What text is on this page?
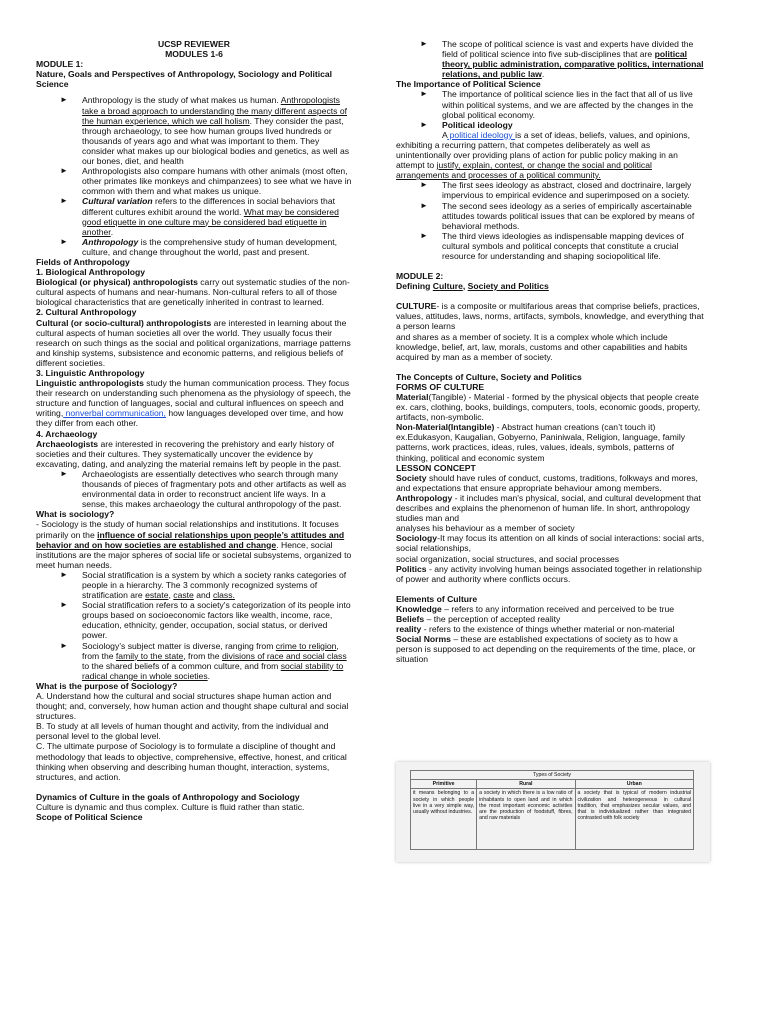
UCSP REVIEWER

MODULES 1-6

MODULE 1:

Nature, Goals and Perspectives of Anthropology, Sociology and Political Science

►	Anthropology is the study of what makes us human. Anthropologists take a broad approach to understanding the many different aspects of the human experience, which we call holism. They consider the past, through archaeology, to see how human groups lived hundreds or thousands of years ago and what was important to them. They consider what makes up our biological bodies and genetics, as well as our bones, diet, and health
►	Anthropologists also compare humans with other animals (most often, other primates like monkeys and chimpanzees) to see what we have in common with them and what makes us unique.
►	Cultural variation refers to the differences in social behaviors that different cultures exhibit around the world. What may be considered good etiquette in one culture may be considered bad etiquette in another.
►	Anthropology is the comprehensive study of human development, culture, and change throughout the world, past and present.

Fields of Anthropology

1. Biological Anthropology

Biological (or physical) anthropologists carry out systematic studies of the non-cultural aspects of humans and near-humans. Non-cultural refers to all of those biological characteristics that are genetically inherited in contrast to learned.

2. Cultural Anthropology

Cultural (or socio-cultural) anthropologists are interested in learning about the cultural aspects of human societies all over the world. They usually focus their research on such things as the social and political organizations, marriage patterns and kinship systems, subsistence and economic patterns, and religious beliefs of different societies.

3. Linguistic Anthropology

Linguistic anthropologists study the human communication process. They focus their research on understanding such phenomena as the physiology of speech, the structure and function of languages, social and cultural influences on speech and writing, nonverbal communication, how languages developed over time, and how they differ from each other.

4. Archaeology

Archaeologists are interested in recovering the prehistory and early history of societies and their cultures. They systematically uncover the evidence by excavating, dating, and analyzing the material remains left by people in the past.

►	Archaeologists are essentially detectives who search through many thousands of pieces of fragmentary pots and other artifacts as well as environmental data in order to reconstruct ancient life ways. In a sense, this makes archaeology the cultural anthropology of the past.

What is sociology?

- Sociology is the study of human social relationships and institutions. It focuses primarily on the influence of social relationships upon people’s attitudes and behavior and on how societies are established and change. Hence, social institutions are the major spheres of social life or societal subsystems, organized to meet human needs.

►	Social stratification is a system by which a society ranks categories of people in a hierarchy. The 3 commonly recognized systems of stratification are estate, caste and class.
►	Social stratification refers to a society's categorization of its people into groups based on socioeconomic factors like wealth, income, race, education, ethnicity, gender, occupation, social status, or derived power.
►	Sociology’s subject matter is diverse, ranging from crime to religion, from the family to the state, from the divisions of race and social class to the shared beliefs of a common culture, and from social stability to radical change in whole societies.

What is the purpose of Sociology?

A. Understand how the cultural and social structures shape human action and thought; and, conversely, how human action and thought shape cultural and social structures.

B. To study at all levels of human thought and activity, from the individual and personal level to the global level.

C. The ultimate purpose of Sociology is to formulate a discipline of thought and methodology that leads to objective, comprehensive, effective, honest, and critical thinking when observing and describing human thought, interaction, systems, structures, and action.

Dynamics of Culture in the goals of Anthropology and Sociology

Culture is dynamic and thus complex. Culture is fluid rather than static.

Scope of Political Science

►	The scope of political science is vast and experts have divided the field of political science into five sub-disciplines that are political theory, public administration, comparative politics, international relations, and public law.

The Importance of Political Science

►	The importance of political science lies in the fact that all of us live within political systems, and we are affected by the changes in the global political economy.
►	Political ideology

A political ideology is a set of ideas, beliefs, values, and opinions, exhibiting a recurring pattern, that competes deliberately as well as unintentionally over providing plans of action for public policy making in an attempt to justify, explain, contest, or change the social and political arrangements and processes of a political community.

►	The first sees ideology as abstract, closed and doctrinaire, largely impervious to empirical evidence and superimposed on a society.
►	The second sees ideology as a series of empirically ascertainable attitudes towards political issues that can be explored by means of behavioral methods.
►	The third views ideologies as indispensable mapping devices of cultural symbols and political concepts that constitute a crucial resource for understanding and shaping sociopolitical life.

MODULE 2:

Defining Culture, Society and Politics

CULTURE- is a composite or multifarious areas that comprise beliefs, practices, values, attitudes, laws, norms, artifacts, symbols, knowledge, and everything that a person learns

and shares as a member of society. It is a complex whole which include knowledge, belief, art, law, morals, customs and other capabilities and habits acquired by man as a member of society.

The Concepts of Culture, Society and Politics

FORMS OF CULTURE

Material(Tangible) - Material - formed by the physical objects that people create ex. cars, clothing, books, buildings, computers, tools, economic goods, property, artifacts, non-symbolic.

Non-Material(Intangible) - Abstract human creations (can’t touch it) ex.Edukasyon, Kaugalian, Gobyerno, Paniniwala, Religion, language, family patterns, work practices, ideas, rules, values, ideals, symbols, patterns of thinking, political and economic system

LESSON CONCEPT

Society should have rules of conduct, customs, traditions, folkways and mores, and expectations that ensure appropriate behaviour among members.

Anthropology - it includes man's physical, social, and cultural development that describes and explains the phenomenon of human life. In short, anthropology studies man and

analyses his behaviour as a member of society

Sociology-It may focus its attention on all kinds of social interactions: social arts, social relationships,

social organization, social structures, and social processes

Politics - any activity involving human beings associated together in relationship of power and authority where conflicts occurs.

Elements of Culture

Knowledge – refers to any information received and perceived to be true

Beliefs – the perception of accepted reality

reality - refers to the existence of things whether material or non-material

Social Norms – these are established expectations of society as to how a person is supposed to act depending on the requirements of the time, place, or situation

Types of Society		
Primitive	Rural	Urban
it means belonging to a society in which people live in a very simple way, usually without industries.	a society in which there is a low ratio of inhabitants to open land and in which the most important economic activities are the production of foodstuff, fibres, and raw materials	a society that is typical of modern industrial civilization and heterogeneous in cultural tradition, that emphasizes secular values, and that is individualized rather than integrated contrasted with folk society
